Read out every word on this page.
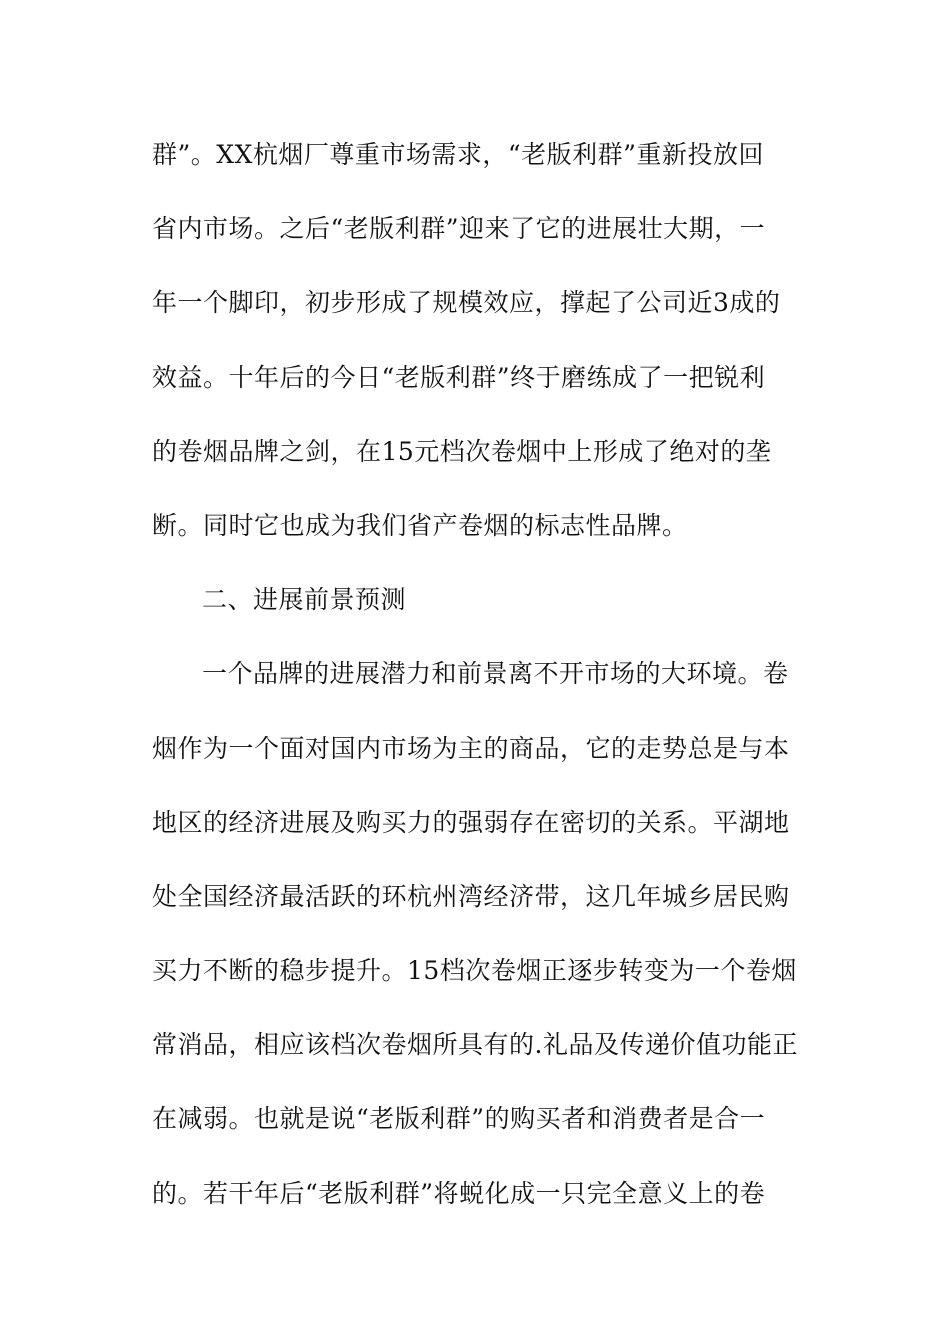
群”。XX杭烟厂尊重市场需求，“老版利群”重新投放回
省内市场。之后“老版利群”迎来了它的进展壮大期，一
年一个脚印，初步形成了规模效应，撑起了公司近3成的
效益。十年后的今日“老版利群”终于磨练成了一把锐利
的卷烟品牌之剑，在15元档次卷烟中上形成了绝对的垄
断。同时它也成为我们省产卷烟的标志性品牌。
二、进展前景预测
一个品牌的进展潜力和前景离不开市场的大环境。卷
烟作为一个面对国内市场为主的商品，它的走势总是与本
地区的经济进展及购买力的强弱存在密切的关系。平湖地
处全国经济最活跃的环杭州湾经济带，这几年城乡居民购
买力不断的稳步提升。15档次卷烟正逐步转变为一个卷烟
常消品，相应该档次卷烟所具有的.礼品及传递价值功能正
在减弱。也就是说“老版利群”的购买者和消费者是合一
的。若干年后“老版利群”将蜕化成一只完全意义上的卷
